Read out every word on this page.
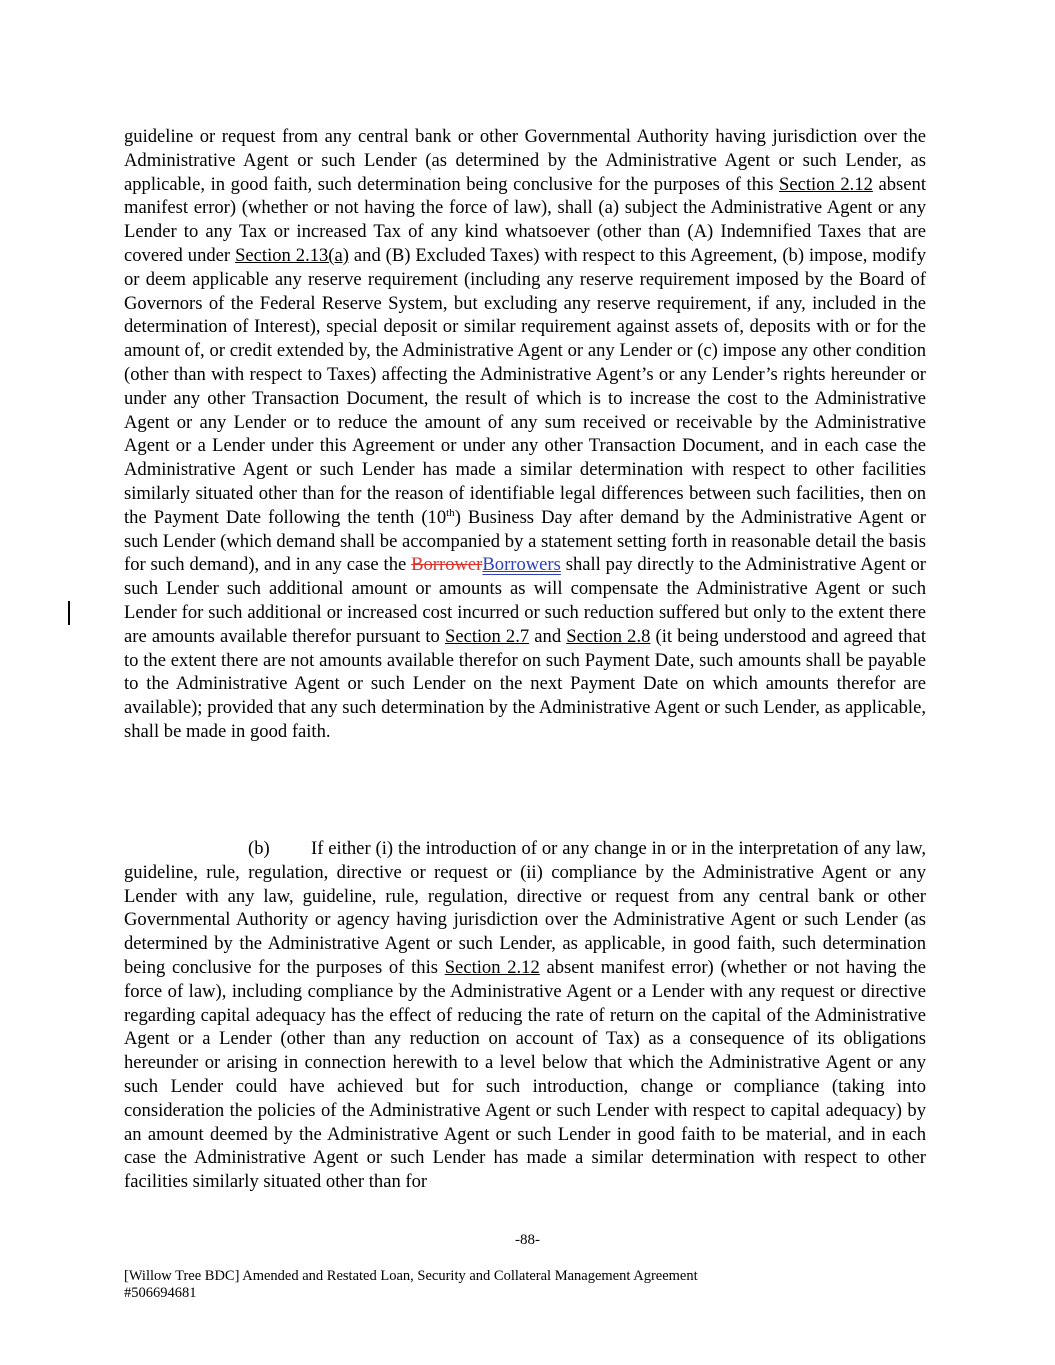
guideline or request from any central bank or other Governmental Authority having jurisdiction over the Administrative Agent or such Lender (as determined by the Administrative Agent or such Lender, as applicable, in good faith, such determination being conclusive for the purposes of this Section 2.12 absent manifest error) (whether or not having the force of law), shall (a) subject the Administrative Agent or any Lender to any Tax or increased Tax of any kind whatsoever (other than (A) Indemnified Taxes that are covered under Section 2.13(a) and (B) Excluded Taxes) with respect to this Agreement, (b) impose, modify or deem applicable any reserve requirement (including any reserve requirement imposed by the Board of Governors of the Federal Reserve System, but excluding any reserve requirement, if any, included in the determination of Interest), special deposit or similar requirement against assets of, deposits with or for the amount of, or credit extended by, the Administrative Agent or any Lender or (c) impose any other condition (other than with respect to Taxes) affecting the Administrative Agent’s or any Lender’s rights hereunder or under any other Transaction Document, the result of which is to increase the cost to the Administrative Agent or any Lender or to reduce the amount of any sum received or receivable by the Administrative Agent or a Lender under this Agreement or under any other Transaction Document, and in each case the Administrative Agent or such Lender has made a similar determination with respect to other facilities similarly situated other than for the reason of identifiable legal differences between such facilities, then on the Payment Date following the tenth (10th) Business Day after demand by the Administrative Agent or such Lender (which demand shall be accompanied by a statement setting forth in reasonable detail the basis for such demand), and in any case the BorrowerBorrowers shall pay directly to the Administrative Agent or such Lender such additional amount or amounts as will compensate the Administrative Agent or such Lender for such additional or increased cost incurred or such reduction suffered but only to the extent there are amounts available therefor pursuant to Section 2.7 and Section 2.8 (it being understood and agreed that to the extent there are not amounts available therefor on such Payment Date, such amounts shall be payable to the Administrative Agent or such Lender on the next Payment Date on which amounts therefor are available); provided that any such determination by the Administrative Agent or such Lender, as applicable, shall be made in good faith.

(b) If either (i) the introduction of or any change in or in the interpretation of any law, guideline, rule, regulation, directive or request or (ii) compliance by the Administrative Agent or any Lender with any law, guideline, rule, regulation, directive or request from any central bank or other Governmental Authority or agency having jurisdiction over the Administrative Agent or such Lender (as determined by the Administrative Agent or such Lender, as applicable, in good faith, such determination being conclusive for the purposes of this Section 2.12 absent manifest error) (whether or not having the force of law), including compliance by the Administrative Agent or a Lender with any request or directive regarding capital adequacy has the effect of reducing the rate of return on the capital of the Administrative Agent or a Lender (other than any reduction on account of Tax) as a consequence of its obligations hereunder or arising in connection herewith to a level below that which the Administrative Agent or any such Lender could have achieved but for such introduction, change or compliance (taking into consideration the policies of the Administrative Agent or such Lender with respect to capital adequacy) by an amount deemed by the Administrative Agent or such Lender in good faith to be material, and in each case the Administrative Agent or such Lender has made a similar determination with respect to other facilities similarly situated other than for

-88-
[Willow Tree BDC] Amended and Restated Loan, Security and Collateral Management Agreement
#506694681
